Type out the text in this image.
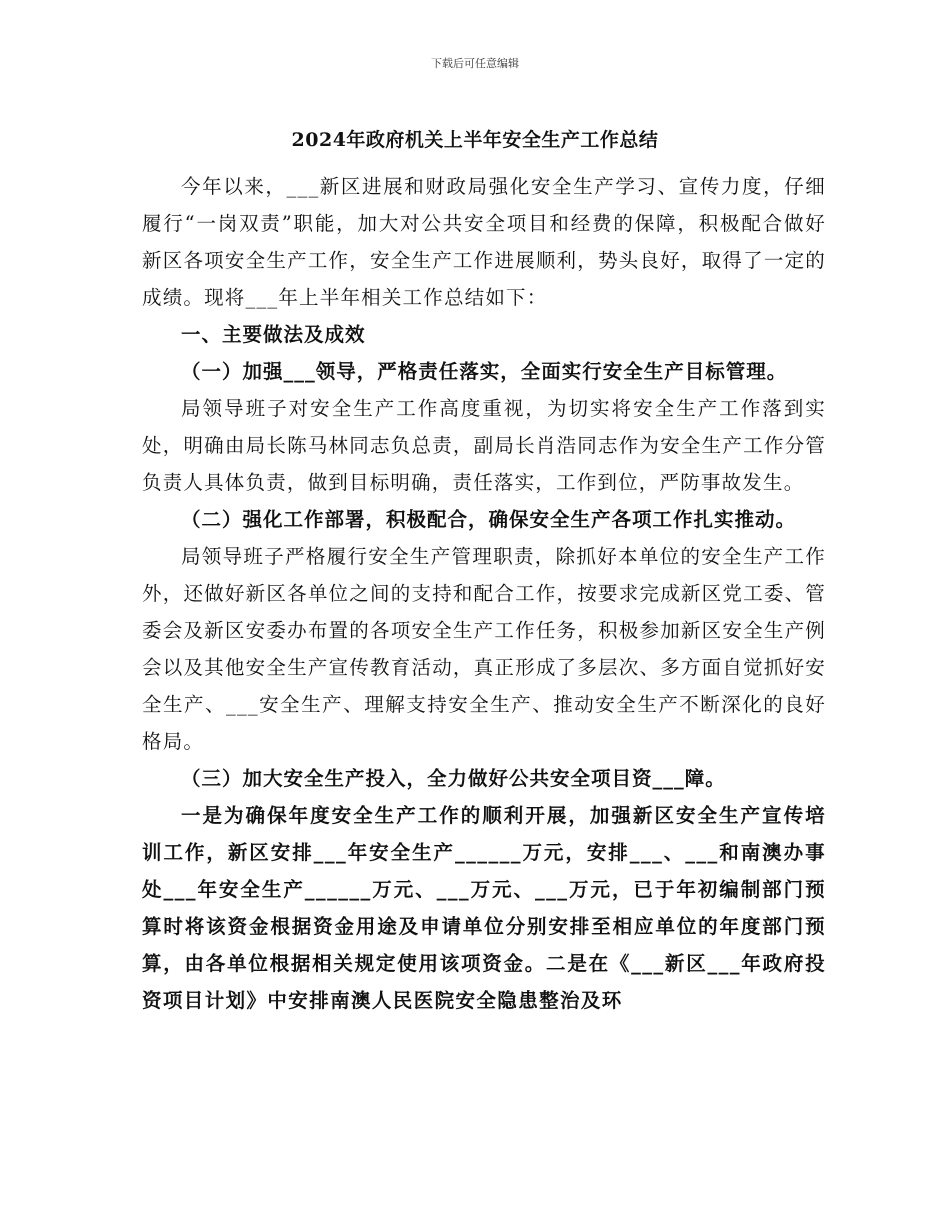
下载后可任意编辑
2024年政府机关上半年安全生产工作总结

今年以来，___新区进展和财政局强化安全生产学习、宣传力度，仔细履行“一岗双责”职能，加大对公共安全项目和经费的保障，积极配合做好新区各项安全生产工作，安全生产工作进展顺利，势头良好，取得了一定的成绩。现将___年上半年相关工作总结如下：

一、主要做法及成效

（一）加强___领导，严格责任落实，全面实行安全生产目标管理。

局领导班子对安全生产工作高度重视，为切实将安全生产工作落到实处，明确由局长陈马林同志负总责，副局长肖浩同志作为安全生产工作分管负责人具体负责，做到目标明确，责任落实，工作到位，严防事故发生。

（二）强化工作部署，积极配合，确保安全生产各项工作扎实推动。

局领导班子严格履行安全生产管理职责，除抓好本单位的安全生产工作外，还做好新区各单位之间的支持和配合工作，按要求完成新区党工委、管委会及新区安委办布置的各项安全生产工作任务，积极参加新区安全生产例会以及其他安全生产宣传教育活动，真正形成了多层次、多方面自觉抓好安全生产、___安全生产、理解支持安全生产、推动安全生产不断深化的良好格局。

（三）加大安全生产投入，全力做好公共安全项目资___障。

一是为确保年度安全生产工作的顺利开展，加强新区安全生产宣传培训工作，新区安排___年安全生产______万元，安排___、___和南澳办事处___年安全生产______万元、___万元、___万元，已于年初编制部门预算时将该资金根据资金用途及申请单位分别安排至相应单位的年度部门预算，由各单位根据相关规定使用该项资金。二是在《___新区___年政府投资项目计划》中安排南澳人民医院安全隐患整治及环
